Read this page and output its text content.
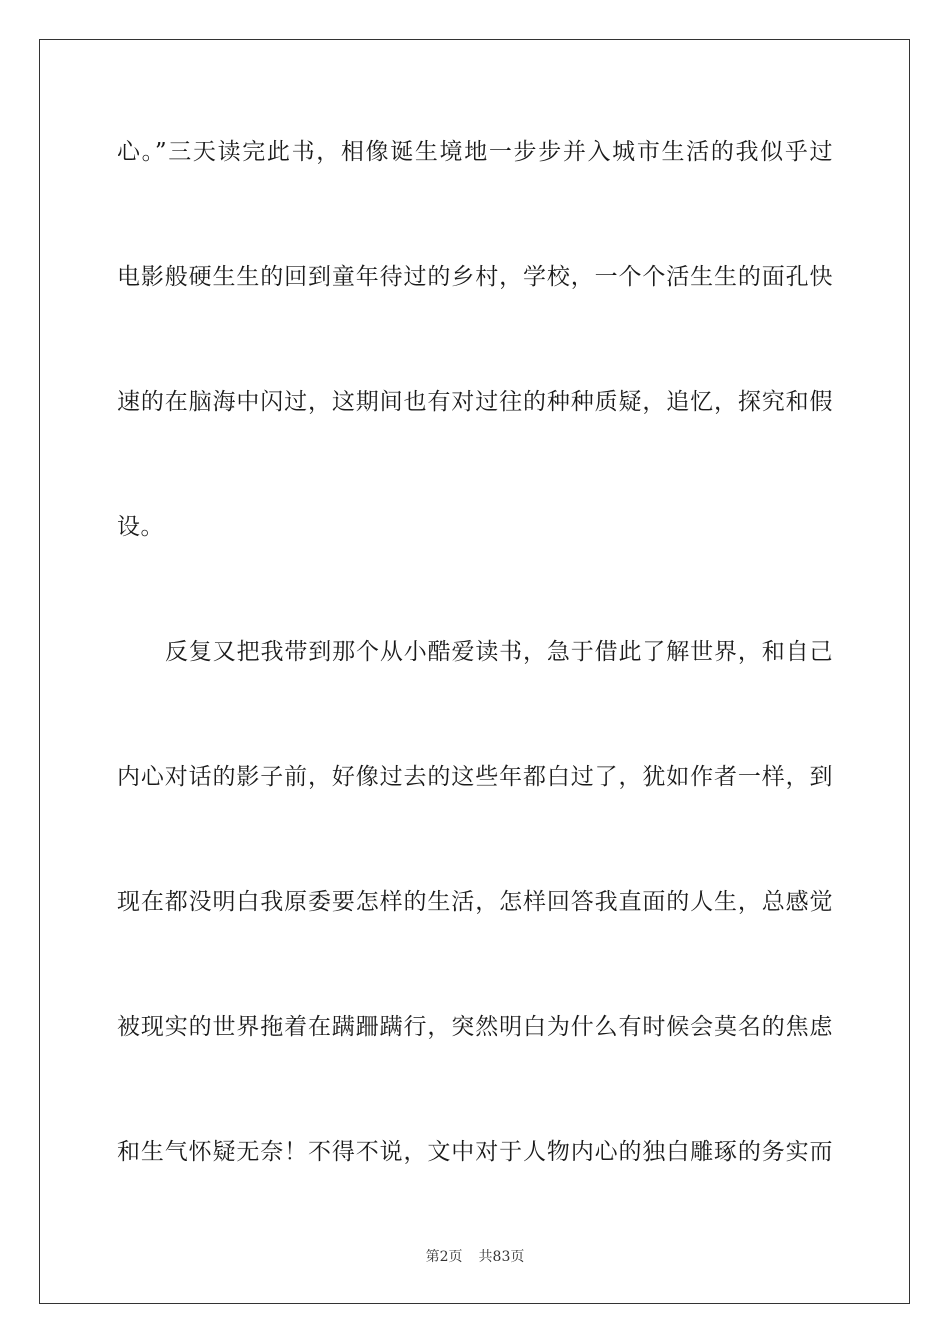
心。”三天读完此书，相像诞生境地一步步并入城市生活的我似乎过
电影般硬生生的回到童年待过的乡村，学校，一个个活生生的面孔快
速的在脑海中闪过，这期间也有对过往的种种质疑，追忆，探究和假
设。
反复又把我带到那个从小酷爱读书，急于借此了解世界，和自己
内心对话的影子前，好像过去的这些年都白过了，犹如作者一样，到
现在都没明白我原委要怎样的生活，怎样回答我直面的人生，总感觉
被现实的世界拖着在蹒跚蹒行，突然明白为什么有时候会莫名的焦虑
和生气怀疑无奈！不得不说，文中对于人物内心的独白雕琢的务实而
第2页 共83页
